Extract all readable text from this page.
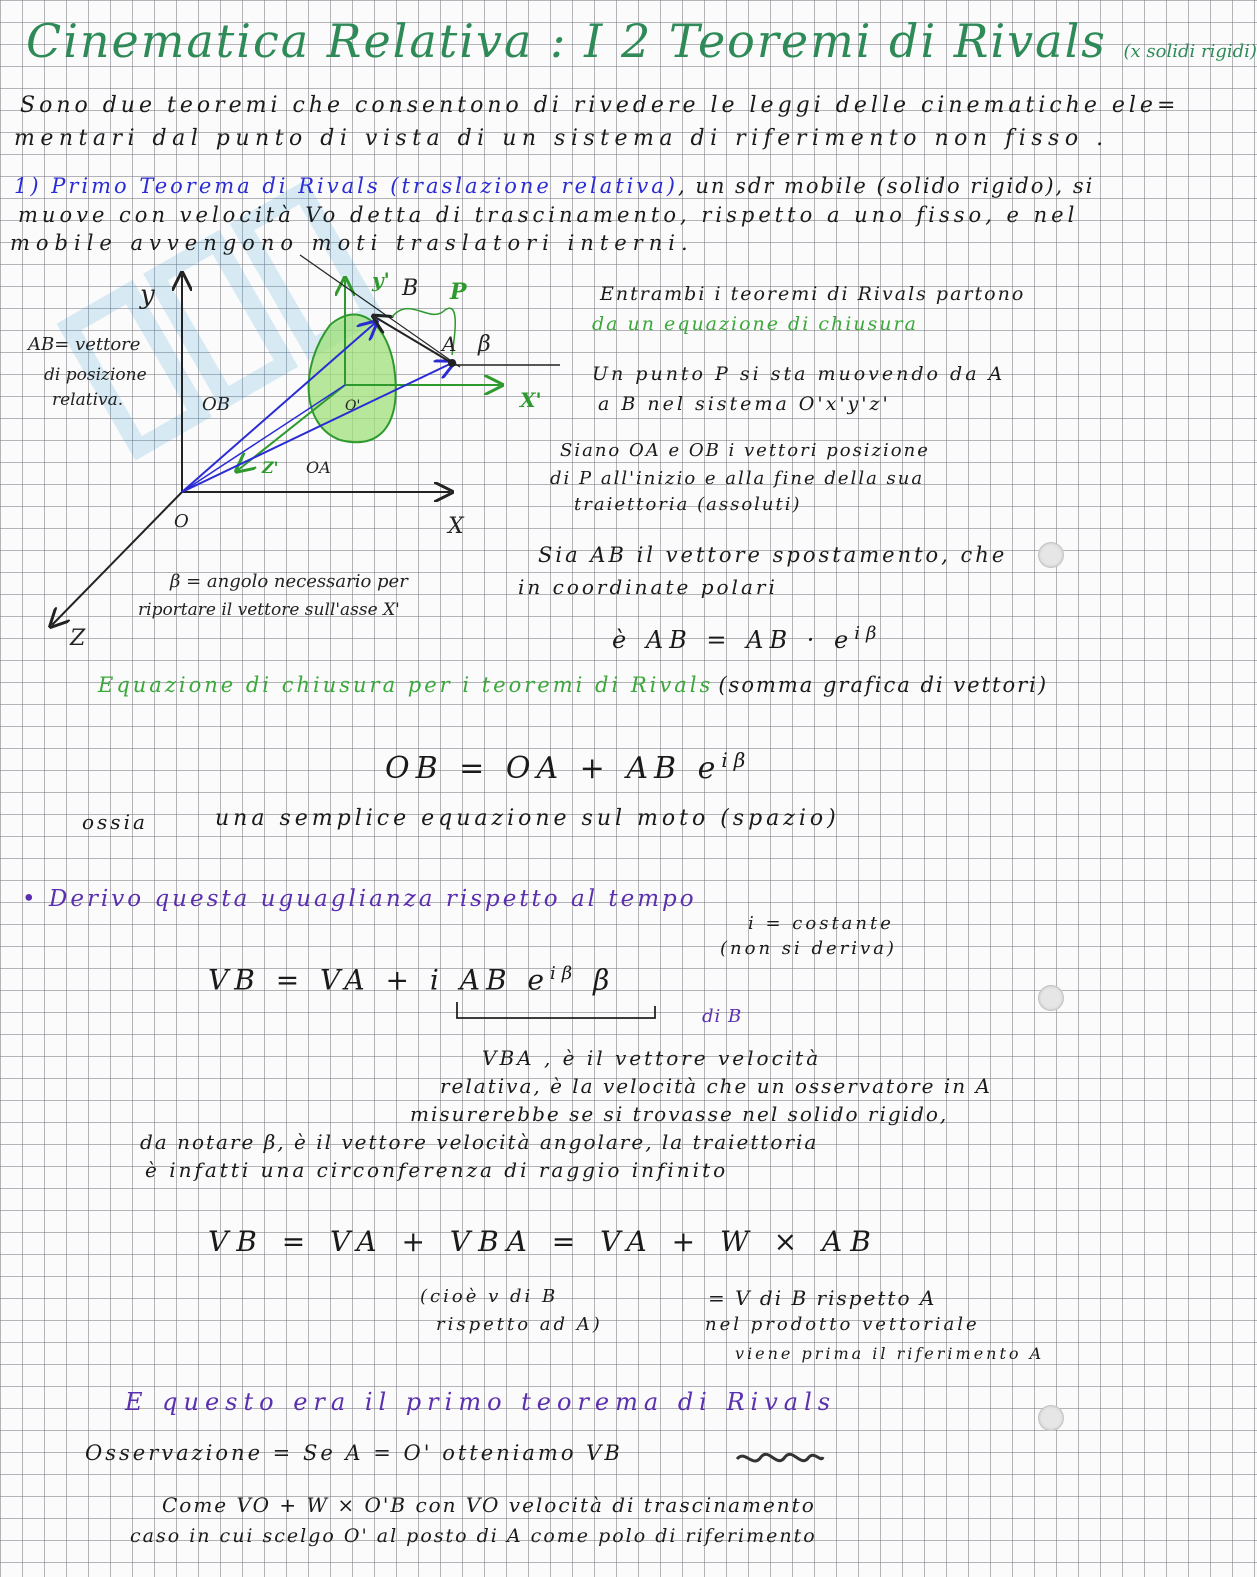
Cinematica Relativa : I 2 Teoremi di Rivals (x solidi rigidi)
Sono due teoremi che consentono di rivedere le leggi delle cinematiche ele=
mentari dal punto di vista di un sistema di riferimento non fisso .
1) Primo Teorema di Rivals (traslazione relativa), un sdr mobile (solido rigido), si
muove con velocità Vo detta di trascinamento, rispetto a uno fisso, e nel
mobile avvengono moti traslatori interni.
y
X
Z
O
y'
X'
Z'
B P
A β
OB
OA
O'
AB= vettore
di posizione
relativa.
β = angolo necessario per
riportare il vettore sull'asse X'
Entrambi i teoremi di Rivals partono
da un equazione di chiusura
Un punto P si sta muovendo da A
a B nel sistema O'x'y'z'
Siano OA e OB i vettori posizione
di P all'inizio e alla fine della sua
traiettoria (assoluti)
Sia AB il vettore spostamento, che
in coordinate polari
è AB = AB · $e^{i\beta}$
Equazione di chiusura per i teoremi di Rivals (somma grafica di vettori)
OB = OA + AB $e^{i\beta}$
ossia	una semplice equazione sul moto (spazio)
• Derivo questa uguaglianza rispetto al tempo
i = costante
(non si deriva)
VB = VA + i AB $e^{i\beta}$ β
di B
VBA , è il vettore velocità
relativa, è la velocità che un osservatore in A
misurerebbe se si trovasse nel solido rigido,
da notare β, è il vettore velocità angolare, la traiettoria
è infatti una circonferenza di raggio infinito
VB = VA + VBA = VA + W × AB
(cioè v di B
rispetto ad A)
= V di B rispetto A
nel prodotto vettoriale
viene prima il riferimento A
E questo era il primo teorema di Rivals
Osservazione = Se A = O' otteniamo VB
Come VO + W × O'B con VO velocità di trascinamento
caso in cui scelgo O' al posto di A come polo di riferimento
